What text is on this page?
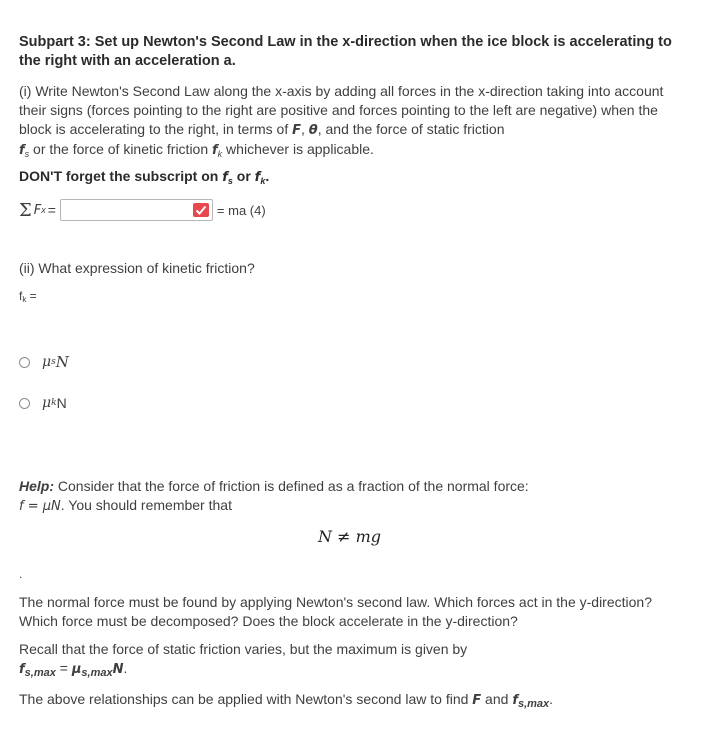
Subpart 3: Set up Newton's Second Law in the x-direction when the ice block is accelerating to the right with an acceleration a.
(i) Write Newton's Second Law along the x-axis by adding all forces in the x-direction taking into account their signs (forces pointing to the right are positive and forces pointing to the left are negative) when the block is accelerating to the right, in terms of F, θ, and the force of static friction
$f_s$ or the force of kinetic friction $f_k$ whichever is applicable.
DON'T forget the subscript on $f_s$ or $f_k$.
Σ F x =	= ma (4)
(ii) What expression of kinetic friction?
fk =
μ s N
μ k N
Help: Consider that the force of friction is defined as a fraction of the normal force:
f = μN. You should remember that
N ≠ mg
.
The normal force must be found by applying Newton's second law. Which forces act in the y-direction? Which force must be decomposed? Does the block accelerate in the y-direction?
Recall that the force of static friction varies, but the maximum is given by
$f_{s,max} = \mu_{s,max}N$.
The above relationships can be applied with Newton's second law to find F and $f_{s,max}$.
